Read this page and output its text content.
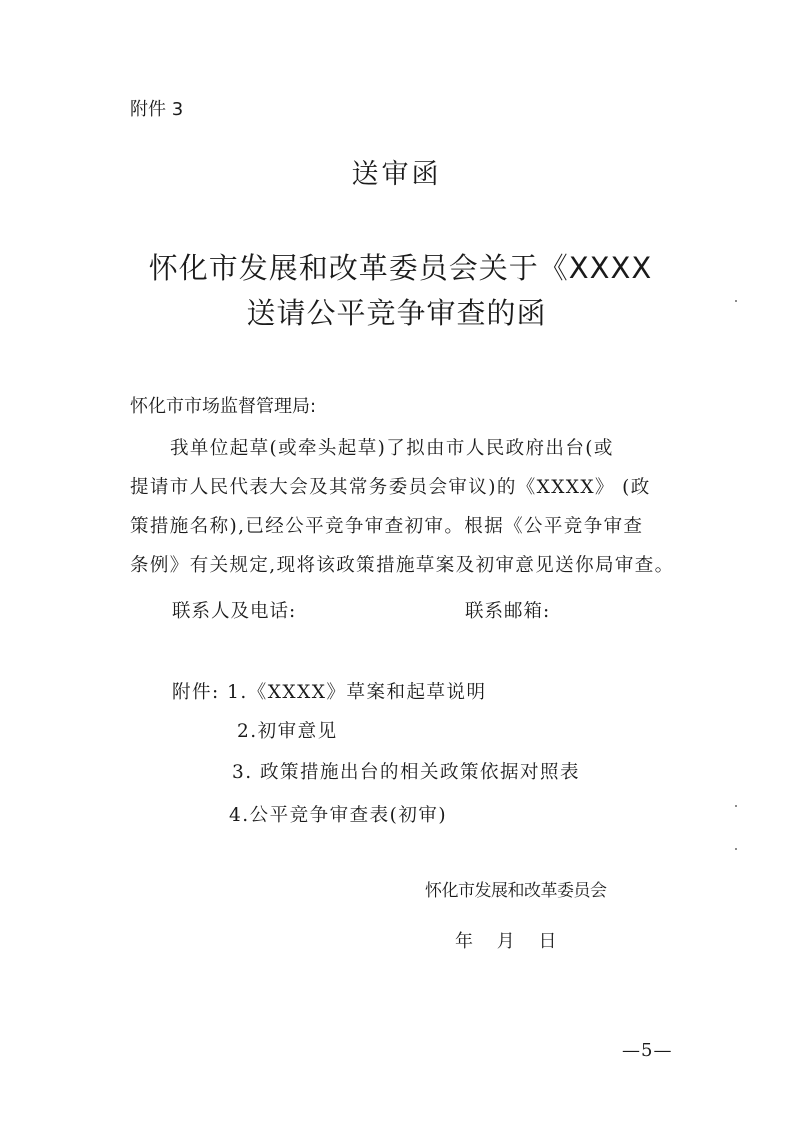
附件 3
送审函
怀化市发展和改革委员会关于《XXXX
送请公平竞争审查的函
怀化市市场监督管理局:
我单位起草(或牵头起草)了拟由市人民政府出台(或
提请市人民代表大会及其常务委员会审议)的《XXXX》 (政
策措施名称),已经公平竞争审查初审。根据《公平竞争审查
条例》有关规定,现将该政策措施草案及初审意见送你局审查。
联系人及电话:	联系邮箱:
附件: 1.《XXXX》草案和起草说明
2.初审意见
3. 政策措施出台的相关政策依据对照表
4.公平竞争审查表(初审)
怀化市发展和改革委员会
年 月 日
—5—
